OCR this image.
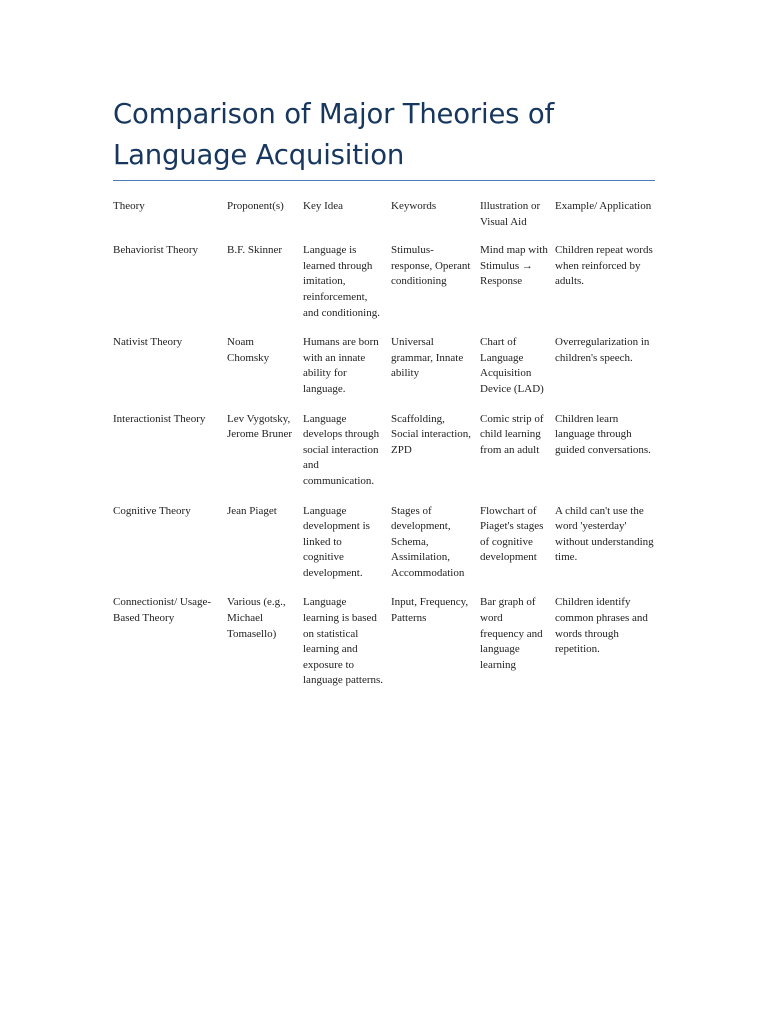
Comparison of Major Theories of Language Acquisition
Theory	Proponent(s)	Key Idea	Keywords	Illustration or Visual Aid	Example/ Application
Behaviorist Theory	B.F. Skinner	Language is learned through imitation, reinforcement, and conditioning.	Stimulus-response, Operant conditioning	Mind map with Stimulus → Response	Children repeat words when reinforced by adults.
Nativist Theory	Noam Chomsky	Humans are born with an innate ability for language.	Universal grammar, Innate ability	Chart of Language Acquisition Device (LAD)	Overregularization in children's speech.
Interactionist Theory	Lev Vygotsky, Jerome Bruner	Language develops through social interaction and communication.	Scaffolding, Social interaction, ZPD	Comic strip of child learning from an adult	Children learn language through guided conversations.
Cognitive Theory	Jean Piaget	Language development is linked to cognitive development.	Stages of development, Schema, Assimilation, Accommodation	Flowchart of Piaget's stages of cognitive development	A child can't use the word 'yesterday' without understanding time.
Connectionist/ Usage-Based Theory	Various (e.g., Michael Tomasello)	Language learning is based on statistical learning and exposure to language patterns.	Input, Frequency, Patterns	Bar graph of word frequency and language learning	Children identify common phrases and words through repetition.
